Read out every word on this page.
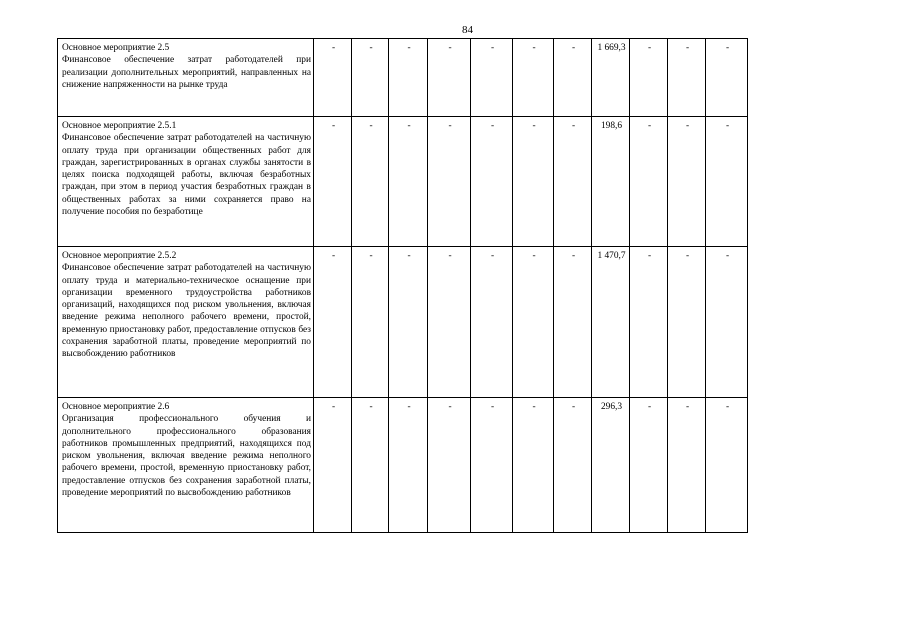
84
Основное мероприятие 2.5
Финансовое обеспечение затрат работодателей при реализации дополнительных мероприятий, направленных на снижение напряженности на рынке труда	-	-	-	-	-	-	-	1 669,3	-	-	-

Основное мероприятие 2.5.1
Финансовое обеспечение затрат работодателей на частичную оплату труда при организации общественных работ для граждан, зарегистрированных в органах службы занятости в целях поиска подходящей работы, включая безработных граждан, при этом в период участия безработных граждан в общественных работах за ними сохраняется право на получение пособия по безработице	-	-	-	-	-	-	-	198,6	-	-	-

Основное мероприятие 2.5.2
Финансовое обеспечение затрат работодателей на частичную оплату труда и материально-техническое оснащение при организации временного трудоустройства работников организаций, находящихся под риском увольнения, включая введение режима неполного рабочего времени, простой, временную приостановку работ, предоставление отпусков без сохранения заработной платы, проведение мероприятий по высвобождению работников	-	-	-	-	-	-	-	1 470,7	-	-	-

Основное мероприятие 2.6
Организация профессионального обучения и дополнительного профессионального образования работников промышленных предприятий, находящихся под риском увольнения, включая введение режима неполного рабочего времени, простой, временную приостановку работ, предоставление отпусков без сохранения заработной платы, проведение мероприятий по высвобождению работников	-	-	-	-	-	-	-	296,3	-	-	-
